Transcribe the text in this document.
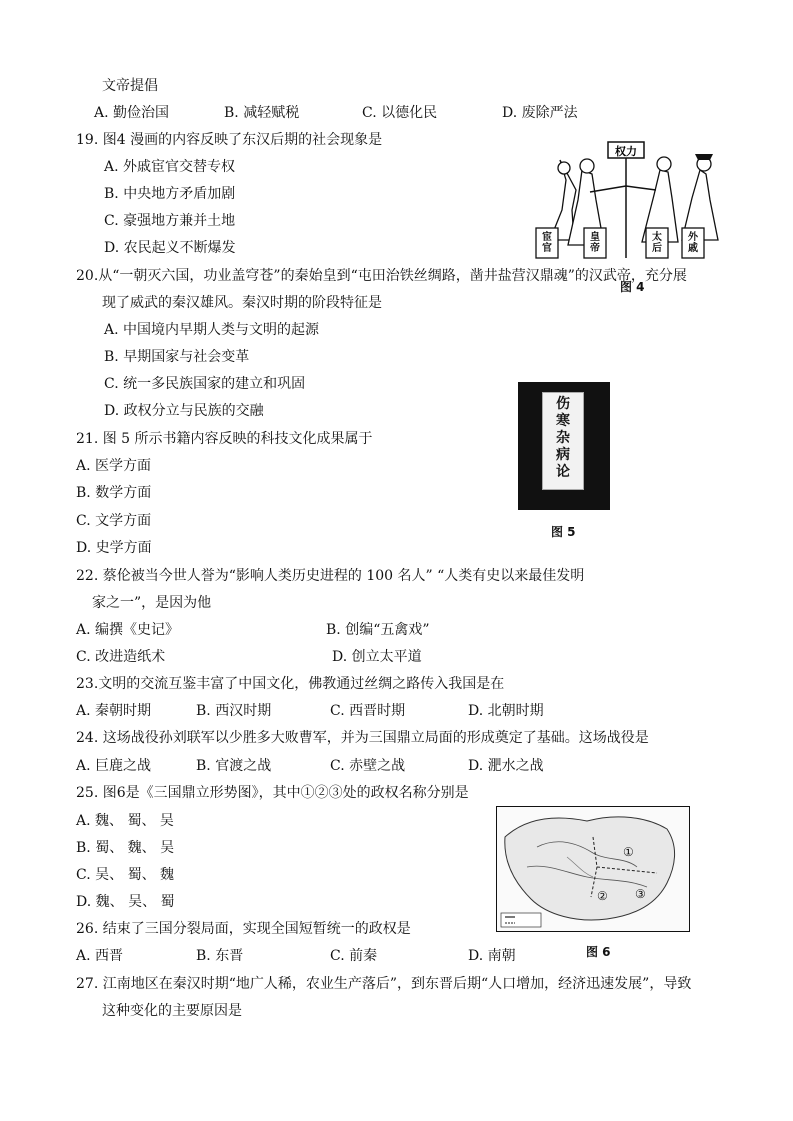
文帝提倡
A. 勤俭治国	B. 减轻赋税	C. 以德化民	D. 废除严法
19. 图4 漫画的内容反映了东汉后期的社会现象是
A. 外戚宦官交替专权
B. 中央地方矛盾加剧
C. 豪强地方兼并土地
D. 农民起义不断爆发
权力
宦官
皇帝
太后
外戚
图 4
20.从“一朝灭六国，功业盖穹苍”的秦始皇到“屯田治铁丝绸路，凿井盐营汉鼎魂”的汉武帝，充分展
现了威武的秦汉雄风。秦汉时期的阶段特征是
A. 中国境内早期人类与文明的起源
B. 早期国家与社会变革
C. 统一多民族国家的建立和巩固
D. 政权分立与民族的交融	伤寒杂病论
图 5
21. 图 5 所示书籍内容反映的科技文化成果属于
A. 医学方面
B. 数学方面
C. 文学方面
D. 史学方面
22. 蔡伦被当今世人誉为“影响人类历史进程的 100 名人” “人类有史以来最佳发明
家之一”，是因为他
A. 编撰《史记》	B. 创编“五禽戏”
C. 改进造纸术	D. 创立太平道
23.文明的交流互鉴丰富了中国文化，佛教通过丝绸之路传入我国是在
A. 秦朝时期	B. 西汉时期	C. 西晋时期	D. 北朝时期
24. 这场战役孙刘联军以少胜多大败曹军，并为三国鼎立局面的形成奠定了基础。这场战役是
A. 巨鹿之战	B. 官渡之战	C. 赤壁之战	D. 淝水之战
25. 图6是《三国鼎立形势图》，其中①②③处的政权名称分别是
A. 魏、 蜀、 吴
B. 蜀、 魏、 吴
C. 吴、 蜀、 魏
D. 魏、 吴、 蜀
①
② ③
图 6
26. 结束了三国分裂局面，实现全国短暂统一的政权是
A. 西晋	B. 东晋	C. 前秦	D. 南朝
27. 江南地区在秦汉时期“地广人稀，农业生产落后”，到东晋后期“人口增加，经济迅速发展”，导致
这种变化的主要原因是
